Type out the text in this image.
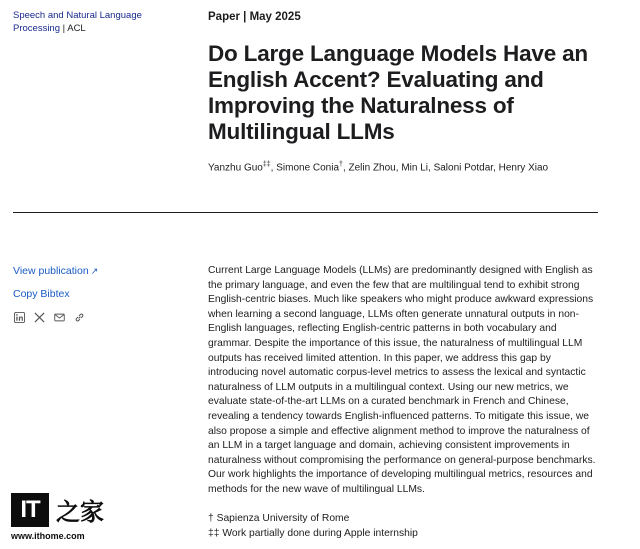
Speech and Natural Language Processing | ACL

Paper | May 2025

Do Large Language Models Have an English Accent? Evaluating and Improving the Naturalness of Multilingual LLMs
Yanzhu Guo‡‡, Simone Conia†, Zelin Zhou, Min Li, Saloni Potdar, Henry Xiao
View publication ↗
Copy Bibtex

Current Large Language Models (LLMs) are predominantly designed with English as the primary language, and even the few that are multilingual tend to exhibit strong English-centric biases. Much like speakers who might produce awkward expressions when learning a second language, LLMs often generate unnatural outputs in non-English languages, reflecting English-centric patterns in both vocabulary and grammar. Despite the importance of this issue, the naturalness of multilingual LLM outputs has received limited attention. In this paper, we address this gap by introducing novel automatic corpus-level metrics to assess the lexical and syntactic naturalness of LLM outputs in a multilingual context. Using our new metrics, we evaluate state-of-the-art LLMs on a curated benchmark in French and Chinese, revealing a tendency towards English-influenced patterns. To mitigate this issue, we also propose a simple and effective alignment method to improve the naturalness of an LLM in a target language and domain, achieving consistent improvements in naturalness without compromising the performance on general-purpose benchmarks. Our work highlights the importance of developing multilingual metrics, resources and methods for the new wave of multilingual LLMs.

† Sapienza University of Rome
‡‡ Work partially done during Apple internship
IT 之家
www.ithome.com
